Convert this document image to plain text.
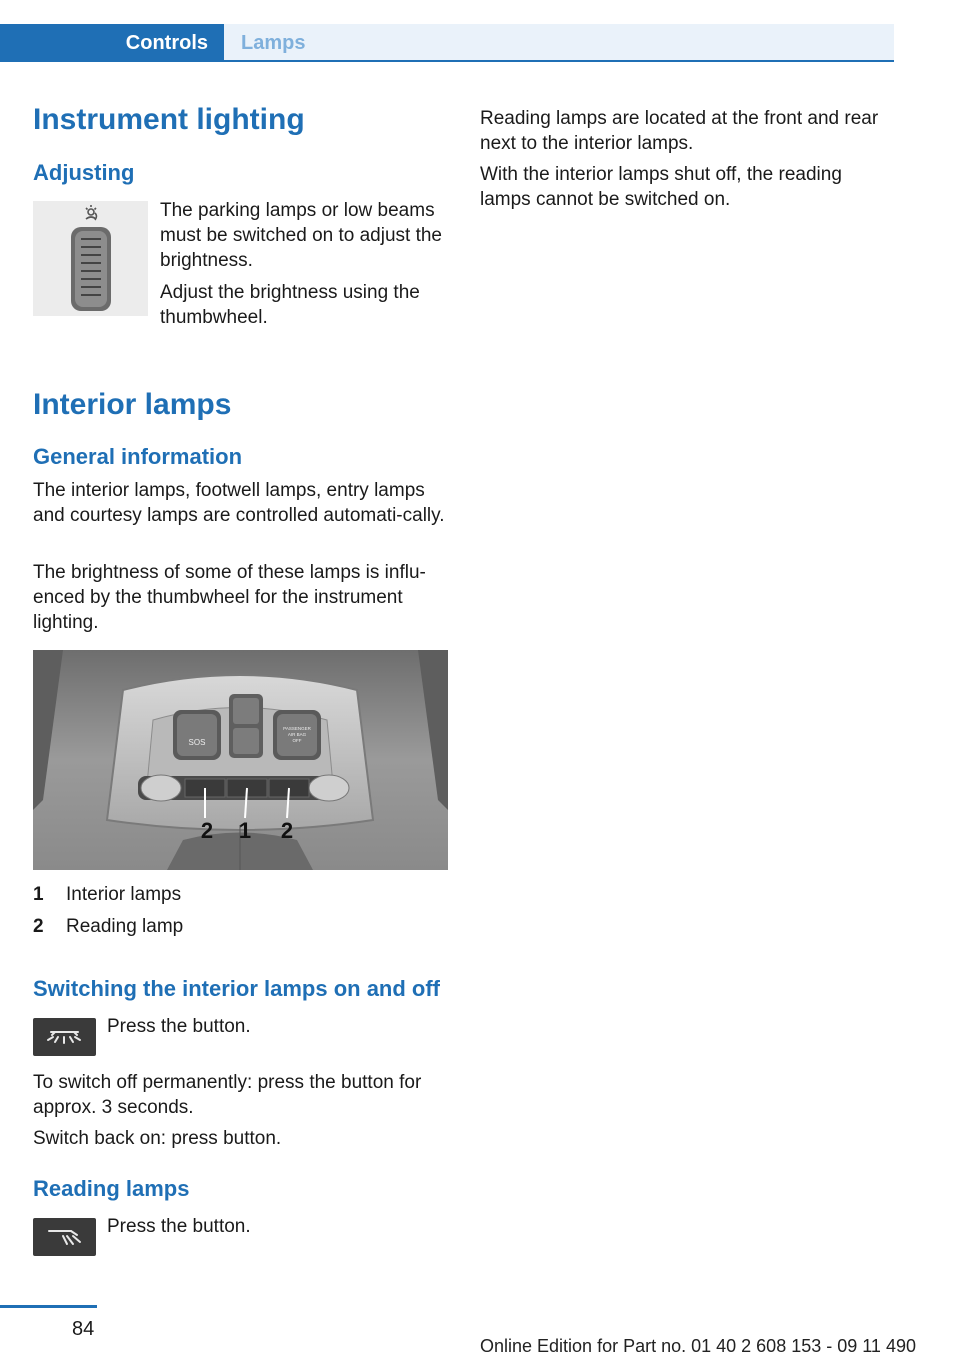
Controls	Lamps
Instrument lighting
Adjusting

The parking lamps or low beams must be switched on to adjust the brightness.

Adjust the brightness using the thumbwheel.

Interior lamps
General information

The interior lamps, footwell lamps, entry lamps and courtesy lamps are controlled automati-cally.

The brightness of some of these lamps is influ-enced by the thumbwheel for the instrument lighting.

SOS
PASSENGER
AIR BAG
OFF
2 1 2
1 Interior lamps
2 Reading lamp
Switching the interior lamps on and off

Press the button.

To switch off permanently: press the button for approx. 3 seconds.

Switch back on: press button.

Reading lamps

Press the button.

Reading lamps are located at the front and rear next to the interior lamps.

With the interior lamps shut off, the reading lamps cannot be switched on.

84
Online Edition for Part no. 01 40 2 608 153 - 09 11 490
